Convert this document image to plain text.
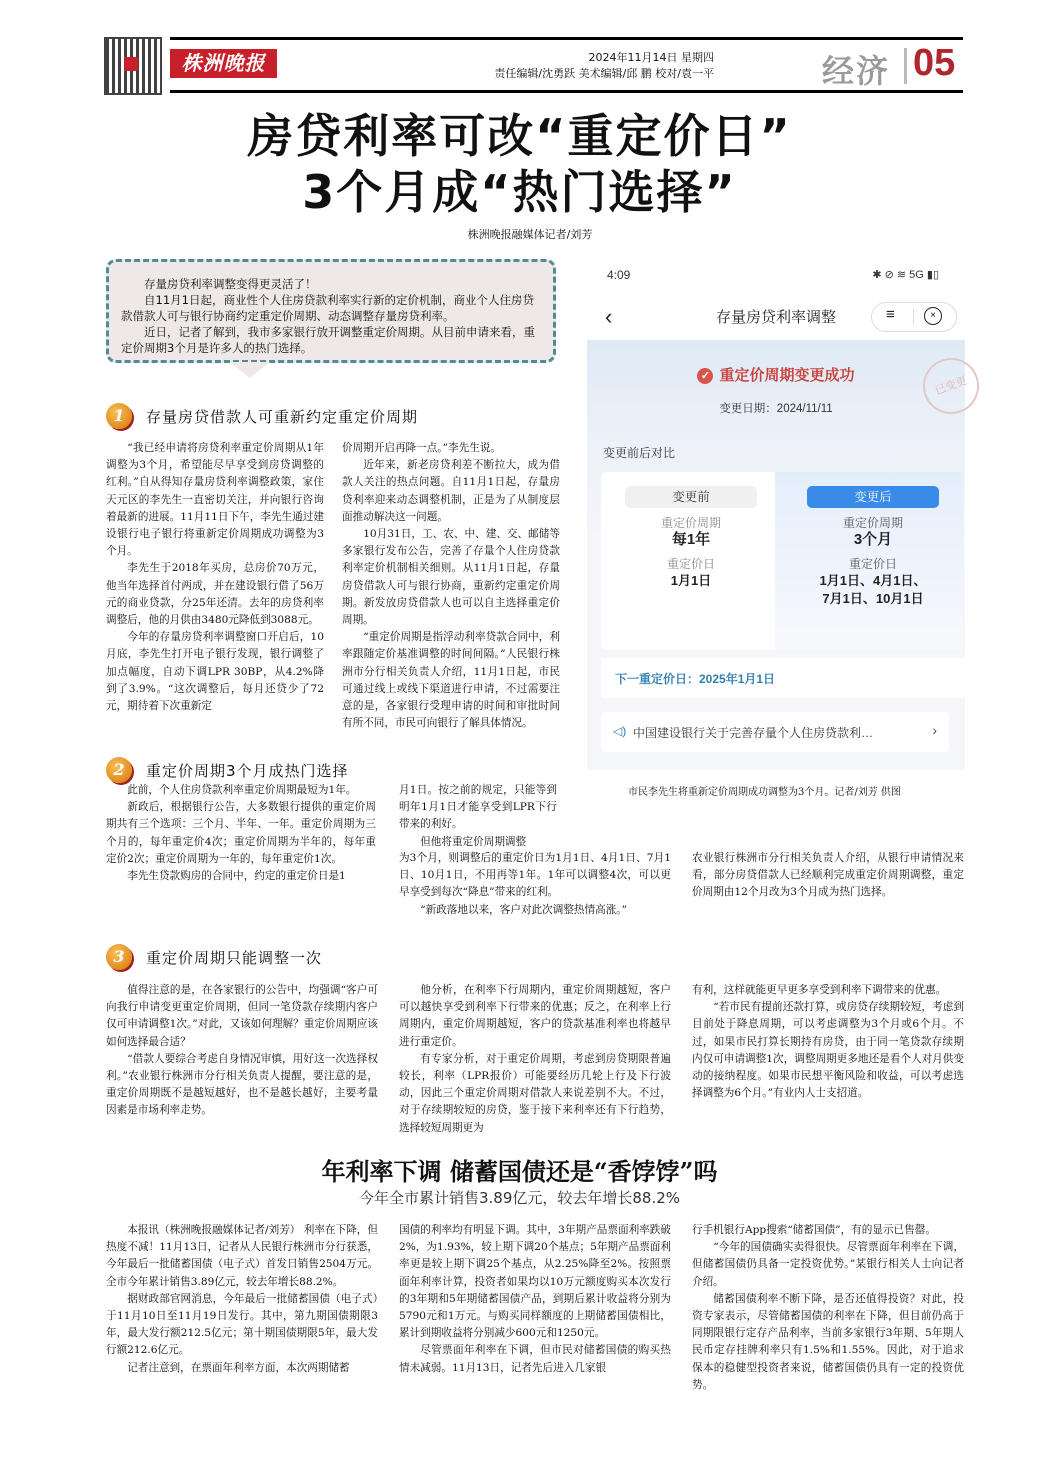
株洲晚报	2024年11月14日 星期四
责任编辑/沈勇跃 美术编辑/邱 鹏 校对/袁一平	经济 05
房贷利率可改“重定价日”
3个月成“热门选择”
株洲晚报融媒体记者/刘芳

存量房贷利率调整变得更灵活了！

自11月1日起，商业性个人住房贷款利率实行新的定价机制，商业个人住房贷款借款人可与银行协商约定重定价周期、动态调整存量房贷利率。

近日，记者了解到，我市多家银行放开调整重定价周期。从目前申请来看，重定价周期3个月是许多人的热门选择。

1	存量房贷借款人可重新约定重定价周期

“我已经申请将房贷利率重定价周期从1年调整为3个月，希望能尽早享受到房贷调整的红利。”自从得知存量房贷利率调整政策，家住天元区的李先生一直密切关注，并向银行咨询着最新的进展。11月11日下午，李先生通过建设银行电子银行将重新定价周期成功调整为3个月。

李先生于2018年买房，总房价70万元，他当年选择首付两成，并在建设银行借了56万元的商业贷款，分25年还清。去年的房贷利率调整后，他的月供由3480元降低到3088元。

今年的存量房贷利率调整窗口开启后，10月底，李先生打开电子银行发现，银行调整了加点幅度，自动下调LPR 30BP，从4.2%降到了3.9%。“这次调整后，每月还贷少了72元，期待着下次重新定

价周期开启再降一点。”李先生说。

近年来，新老房贷利差不断拉大，成为借款人关注的热点问题。自11月1日起，存量房贷利率迎来动态调整机制，正是为了从制度层面推动解决这一问题。

10月31日，工、农、中、建、交、邮储等多家银行发布公告，完善了存量个人住房贷款利率定价机制相关细则。从11月1日起，存量房贷借款人可与银行协商，重新约定重定价周期。新发放房贷借款人也可以自主选择重定价周期。

“重定价周期是指浮动利率贷款合同中，利率跟随定价基准调整的时间间隔。”人民银行株洲市分行相关负责人介绍，11月1日起，市民可通过线上或线下渠道进行申请，不过需要注意的是，各家银行受理申请的时间和审批时间有所不同，市民可向银行了解具体情况。

4:09	✱ ⊘ ≋ 5G ▮▯
‹	存量房贷利率调整	≡	×
✓ 重定价周期变更成功
变更日期：2024/11/11
已变更
变更前后对比
变更前
重定价周期
每1年
重定价日
1月1日
变更后
重定价周期
3个月
重定价日
1月1日、4月1日、
7月1日、10月1日
下一重定价日：2025年1月1日
◁) 中国建设银行关于完善存量个人住房贷款利…	›
市民李先生将重新定价周期成功调整为3个月。记者/刘芳 供图
2	重定价周期3个月成热门选择

此前，个人住房贷款利率重定价周期最短为1年。

新政后，根据银行公告，大多数银行提供的重定价周期共有三个选项：三个月、半年、一年。重定价周期为三个月的，每年重定价4次；重定价周期为半年的，每年重定价2次；重定价周期为一年的，每年重定价1次。

李先生贷款购房的合同中，约定的重定价日是1

月1日。按之前的规定，只能等到明年1月1日才能享受到LPR下行带来的利好。

但他将重定价周期调整

为3个月，则调整后的重定价日为1月1日、4月1日、7月1日、10月1日，不用再等1年。1年可以调整4次，可以更早享受到每次“降息”带来的红利。

“新政落地以来，客户对此次调整热情高涨。”

农业银行株洲市分行相关负责人介绍，从银行申请情况来看，部分房贷借款人已经顺利完成重定价周期调整，重定价周期由12个月改为3个月成为热门选择。

3	重定价周期只能调整一次

值得注意的是，在各家银行的公告中，均强调“客户可向我行申请变更重定价周期，但同一笔贷款存续期内客户仅可申请调整1次。”对此，又该如何理解？重定价周期应该如何选择最合适？

“借款人要综合考虑自身情况审慎，用好这一次选择权利。”农业银行株洲市分行相关负责人提醒，要注意的是，重定价周期既不是越短越好，也不是越长越好，主要考量因素是市场利率走势。

他分析，在利率下行周期内，重定价周期越短，客户可以越快享受到利率下行带来的优惠；反之，在利率上行周期内，重定价周期越短，客户的贷款基准利率也将越早进行重定价。

有专家分析，对于重定价周期，考虑到房贷期限普遍较长，利率（LPR报价）可能要经历几轮上行及下行波动，因此三个重定价周期对借款人来说差别不大。不过，对于存续期较短的房贷，鉴于接下来利率还有下行趋势，选择较短周期更为

有利，这样就能更早更多享受到利率下调带来的优惠。

“若市民有提前还款打算，或房贷存续期较短，考虑到目前处于降息周期，可以考虑调整为3个月或6个月。不过，如果市民打算长期持有房贷，由于同一笔贷款存续期内仅可申请调整1次，调整周期更多地还是看个人对月供变动的接纳程度。如果市民想平衡风险和收益，可以考虑选择调整为6个月。”有业内人士支招道。

年利率下调 储蓄国债还是“香饽饽”吗
今年全市累计销售3.89亿元，较去年增长88.2%

本报讯（株洲晚报融媒体记者/刘芳） 利率在下降，但热度不减！11月13日，记者从人民银行株洲市分行获悉，今年最后一批储蓄国债（电子式）首发日销售2504万元。全市今年累计销售3.89亿元，较去年增长88.2%。

据财政部官网消息，今年最后一批储蓄国债（电子式）于11月10日至11月19日发行。其中，第九期国债期限3年，最大发行额212.5亿元；第十期国债期限5年，最大发行额212.6亿元。

记者注意到，在票面年利率方面，本次两期储蓄

国债的利率均有明显下调。其中，3年期产品票面利率跌破2%，为1.93%，较上期下调20个基点；5年期产品票面利率更是较上期下调25个基点，从2.25%降至2%。按照票面年利率计算，投资者如果均以10万元额度购买本次发行的3年期和5年期储蓄国债产品，到期后累计收益将分别为5790元和1万元。与购买同样额度的上期储蓄国债相比，累计到期收益将分别减少600元和1250元。

尽管票面年利率在下调，但市民对储蓄国债的购买热情未减弱。11月13日，记者先后进入几家银

行手机银行App搜索“储蓄国债”，有的显示已售罄。

“今年的国债确实卖得很快。尽管票面年利率在下调，但储蓄国债仍具备一定投资优势。”某银行相关人士向记者介绍。

储蓄国债利率不断下降，是否还值得投资？对此，投资专家表示，尽管储蓄国债的利率在下降，但目前仍高于同期限银行定存产品利率，当前多家银行3年期、5年期人民币定存挂牌利率只有1.5%和1.55%。因此，对于追求保本的稳健型投资者来说，储蓄国债仍具有一定的投资优势。
